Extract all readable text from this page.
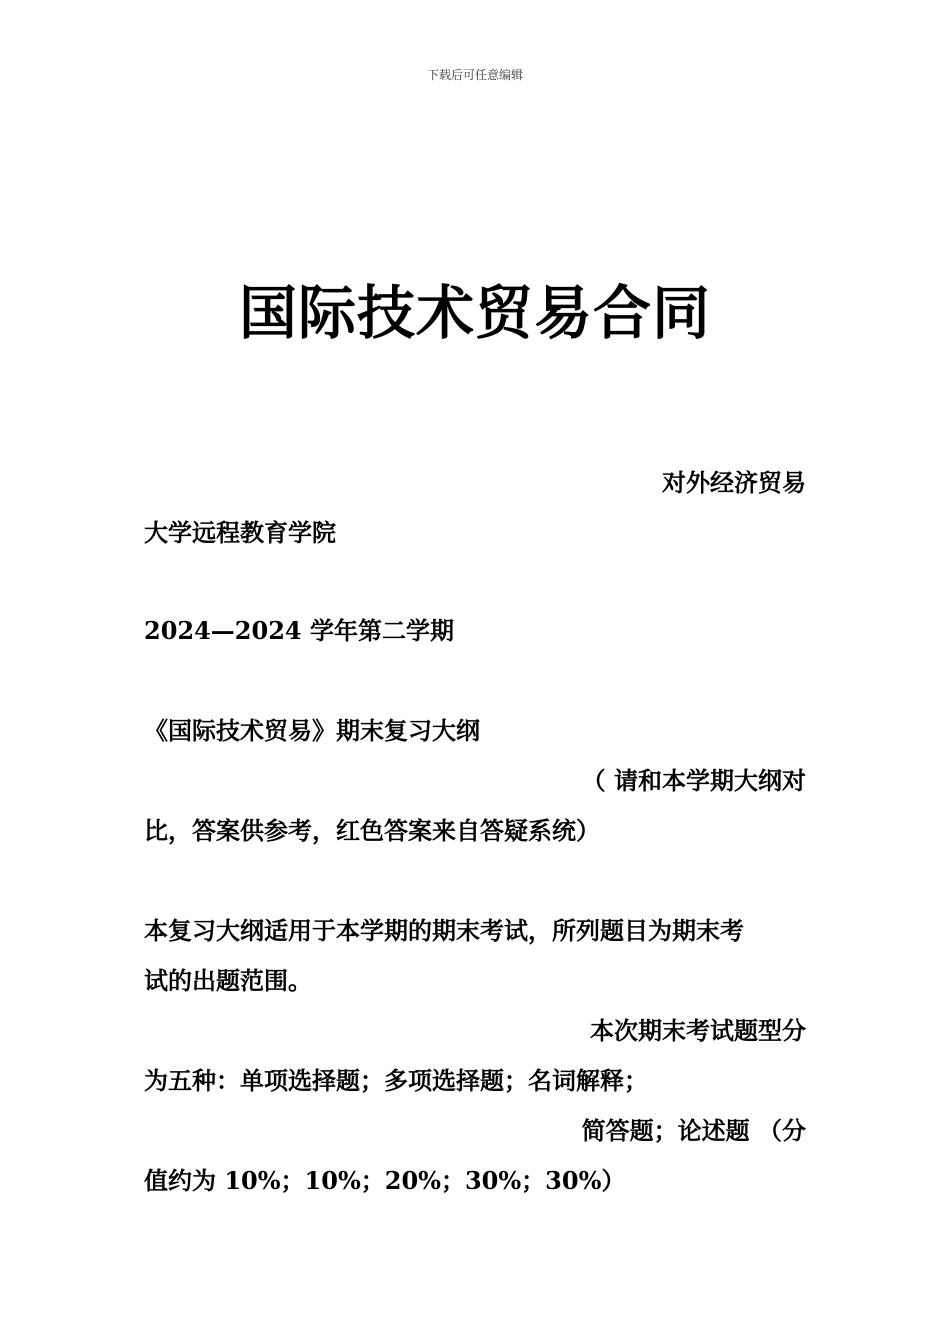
下载后可任意编辑
国际技术贸易合同
对外经济贸易
大学远程教育学院
2024—2024 学年第二学期
《国际技术贸易》期末复习大纲
（ 请和本学期大纲对
比，答案供参考，红色答案来自答疑系统）
本复习大纲适用于本学期的期末考试，所列题目为期末考
试的出题范围。
本次期末考试题型分
为五种：单项选择题；多项选择题；名词解释；
简答题；论述题 （分
值约为 10%；10%；20%；30%；30%）
